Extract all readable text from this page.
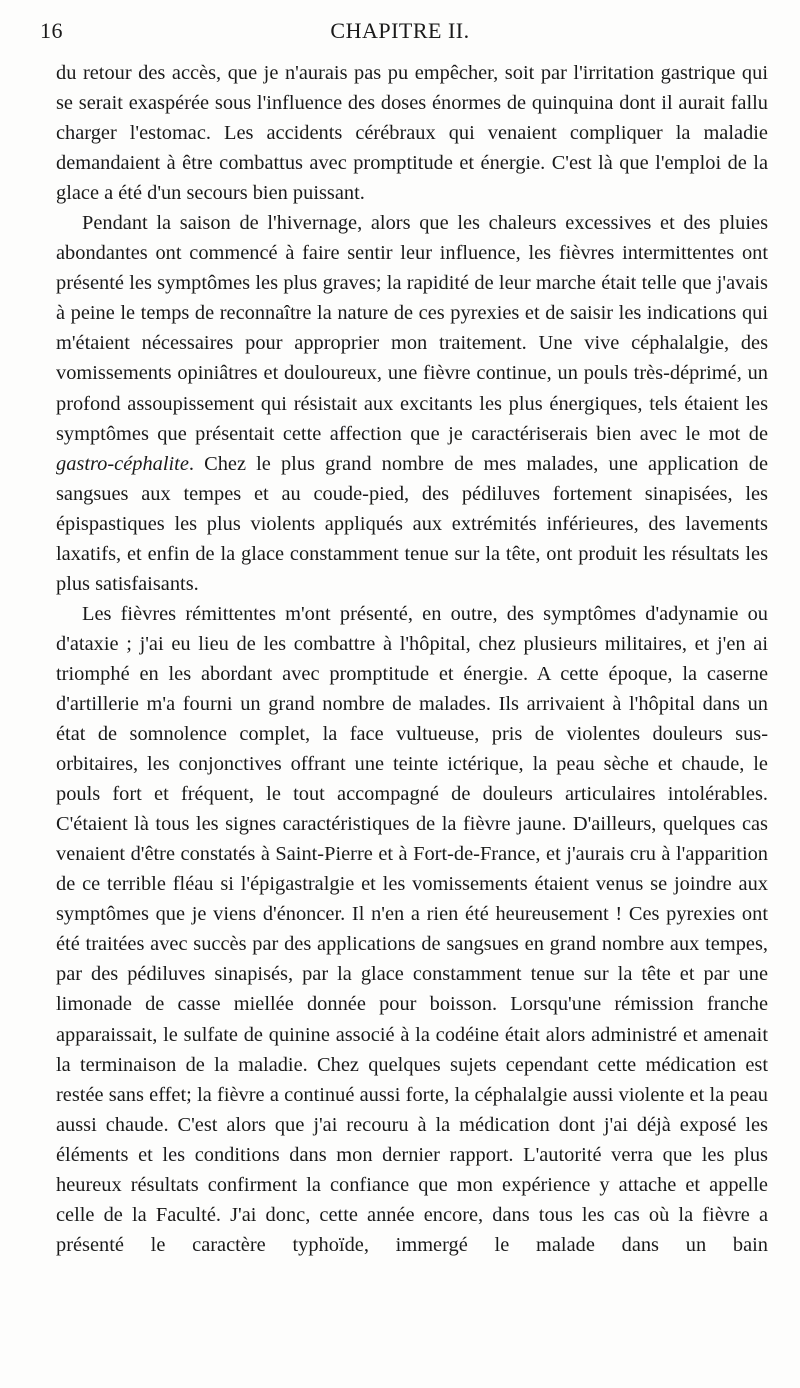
16	CHAPITRE II.

du retour des accès, que je n'aurais pas pu empêcher, soit par l'irritation gastrique qui se serait exaspérée sous l'influence des doses énormes de quinquina dont il aurait fallu charger l'estomac. Les accidents cérébraux qui venaient compliquer la maladie demandaient à être combattus avec promptitude et énergie. C'est là que l'emploi de la glace a été d'un secours bien puissant.

Pendant la saison de l'hivernage, alors que les chaleurs excessives et des pluies abondantes ont commencé à faire sentir leur influence, les fièvres intermittentes ont présenté les symptômes les plus graves; la rapidité de leur marche était telle que j'avais à peine le temps de reconnaître la nature de ces pyrexies et de saisir les indications qui m'étaient nécessaires pour approprier mon traitement. Une vive céphalalgie, des vomissements opiniâtres et douloureux, une fièvre continue, un pouls très-déprimé, un profond assoupissement qui résistait aux excitants les plus énergiques, tels étaient les symptômes que présentait cette affection que je caractériserais bien avec le mot de gastro-céphalite. Chez le plus grand nombre de mes malades, une application de sangsues aux tempes et au coude-pied, des pédiluves fortement sinapisées, les épispastiques les plus violents appliqués aux extrémités inférieures, des lavements laxatifs, et enfin de la glace constamment tenue sur la tête, ont produit les résultats les plus satisfaisants.

Les fièvres rémittentes m'ont présenté, en outre, des symptômes d'adynamie ou d'ataxie ; j'ai eu lieu de les combattre à l'hôpital, chez plusieurs militaires, et j'en ai triomphé en les abordant avec promptitude et énergie. A cette époque, la caserne d'artillerie m'a fourni un grand nombre de malades. Ils arrivaient à l'hôpital dans un état de somnolence complet, la face vultueuse, pris de violentes douleurs sus-orbitaires, les conjonctives offrant une teinte ictérique, la peau sèche et chaude, le pouls fort et fréquent, le tout accompagné de douleurs articulaires intolérables. C'étaient là tous les signes caractéristiques de la fièvre jaune. D'ailleurs, quelques cas venaient d'être constatés à Saint-Pierre et à Fort-de-France, et j'aurais cru à l'apparition de ce terrible fléau si l'épigastralgie et les vomissements étaient venus se joindre aux symptômes que je viens d'énoncer. Il n'en a rien été heureusement ! Ces pyrexies ont été traitées avec succès par des applications de sangsues en grand nombre aux tempes, par des pédiluves sinapisés, par la glace constamment tenue sur la tête et par une limonade de casse miellée donnée pour boisson. Lorsqu'une rémission franche apparaissait, le sulfate de quinine associé à la codéine était alors administré et amenait la terminaison de la maladie. Chez quelques sujets cependant cette médication est restée sans effet; la fièvre a continué aussi forte, la céphalalgie aussi violente et la peau aussi chaude. C'est alors que j'ai recouru à la médication dont j'ai déjà exposé les éléments et les conditions dans mon dernier rapport. L'autorité verra que les plus heureux résultats confirment la confiance que mon expérience y attache et appelle celle de la Faculté. J'ai donc, cette année encore, dans tous les cas où la fièvre a présenté le caractère typhoïde, immergé le malade dans un bain
